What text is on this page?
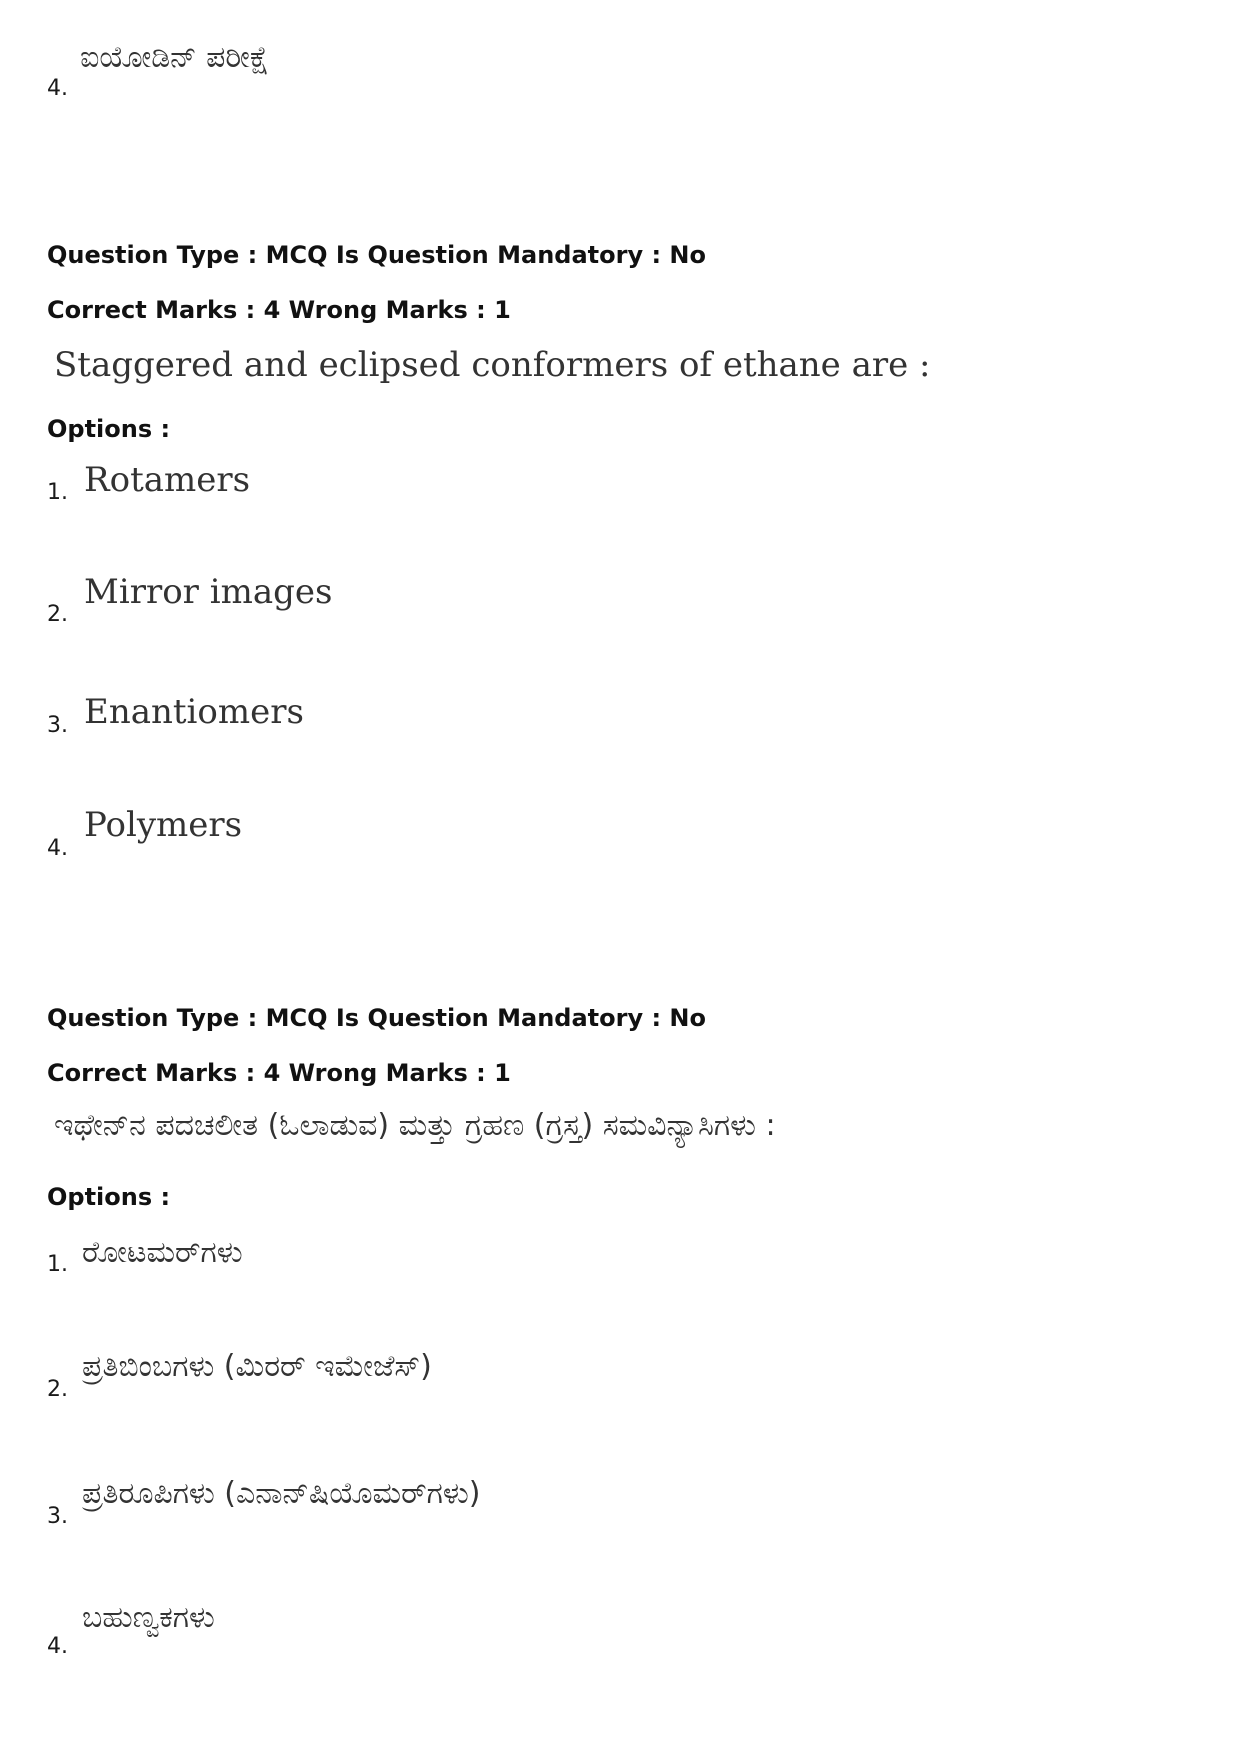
4.
ಐಯೋಡಿನ್ ಪರೀಕ್ಷೆ
Question Type : MCQ Is Question Mandatory : No
Correct Marks : 4 Wrong Marks : 1
Staggered and eclipsed conformers of ethane are :
Options :
1. Rotamers
2.
Mirror images
3. Enantiomers
4.
Polymers
Question Type : MCQ Is Question Mandatory : No
Correct Marks : 4 Wrong Marks : 1
ಇಥೇನ್‌ನ ಪದಚಲೀತ (ಓಲಾಡುವ) ಮತ್ತು ಗ್ರಹಣ (ಗ್ರಸ್ತ) ಸಮವಿನ್ಯಾಸಿಗಳು :
Options :
1. ರೋಟಮರ್‌ಗಳು
2.
ಪ್ರತಿಬಿಂಬಗಳು (ಮಿರರ್ ಇಮೇಜೆಸ್)
3.
ಪ್ರತಿರೂಪಿಗಳು (ಎನಾನ್‌ಷಿಯೊಮರ್‌ಗಳು)
4.
ಬಹುಣ್ವಕಗಳು
